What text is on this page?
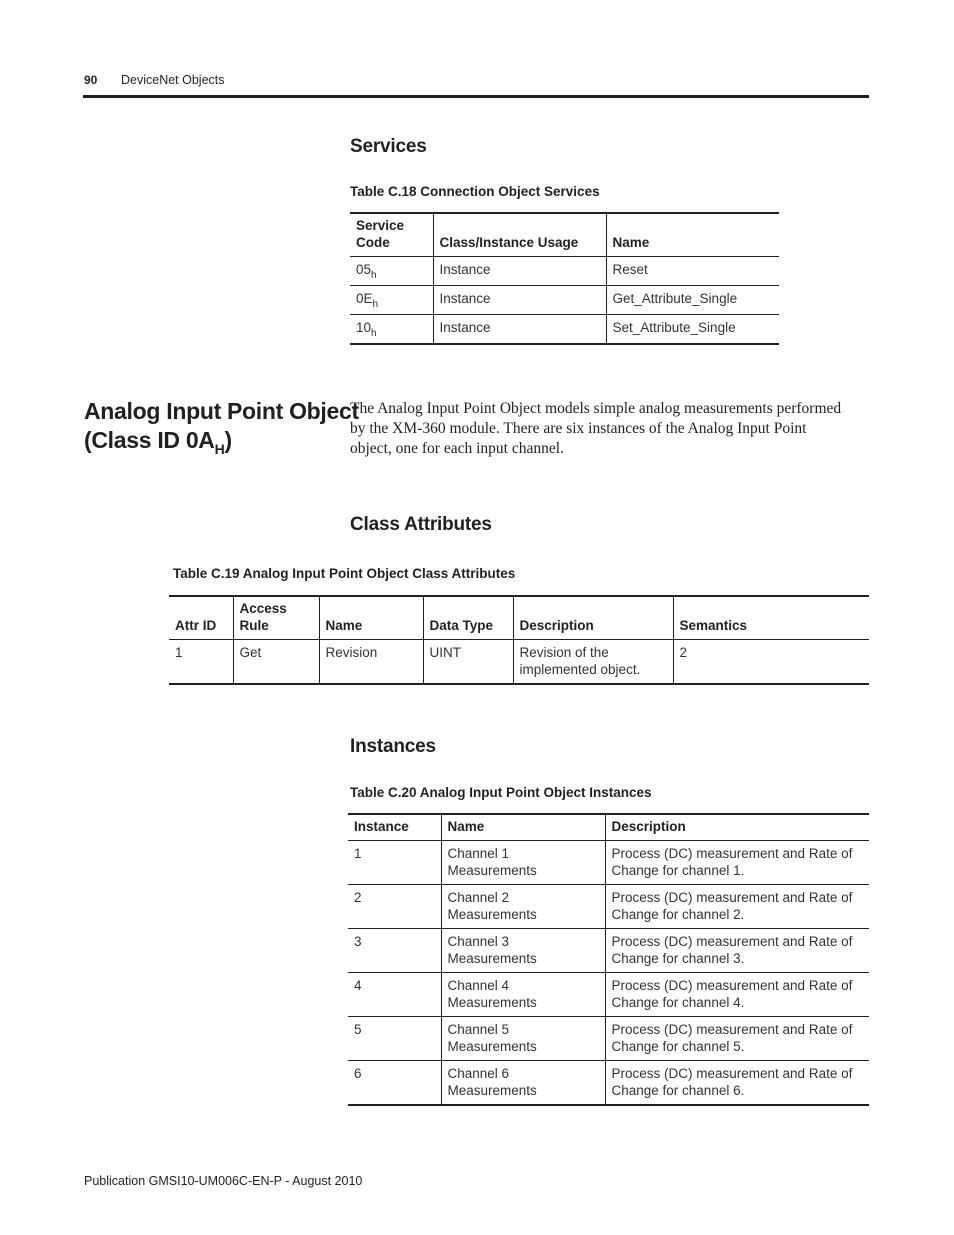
90 DeviceNet Objects
Services
Table C.18 Connection Object Services
Service Code	Class/Instance Usage	Name
$05_h$	Instance	Reset
$0E_h$	Instance	Get_Attribute_Single
$10_h$	Instance	Set_Attribute_Single
Analog Input Point Object
(Class ID $0A_H$)
The Analog Input Point Object models simple analog measurements performed by the XM-360 module. There are six instances of the Analog Input Point object, one for each input channel.
Class Attributes
Table C.19 Analog Input Point Object Class Attributes
Attr ID	Access Rule	Name	Data Type	Description	Semantics
1	Get	Revision	UINT	Revision of the implemented object.	2
Instances
Table C.20 Analog Input Point Object Instances
Instance	Name	Description
1	Channel 1 Measurements	Process (DC) measurement and Rate of Change for channel 1.
2	Channel 2 Measurements	Process (DC) measurement and Rate of Change for channel 2.
3	Channel 3 Measurements	Process (DC) measurement and Rate of Change for channel 3.
4	Channel 4 Measurements	Process (DC) measurement and Rate of Change for channel 4.
5	Channel 5 Measurements	Process (DC) measurement and Rate of Change for channel 5.
6	Channel 6 Measurements	Process (DC) measurement and Rate of Change for channel 6.
Publication GMSI10-UM006C-EN-P - August 2010
